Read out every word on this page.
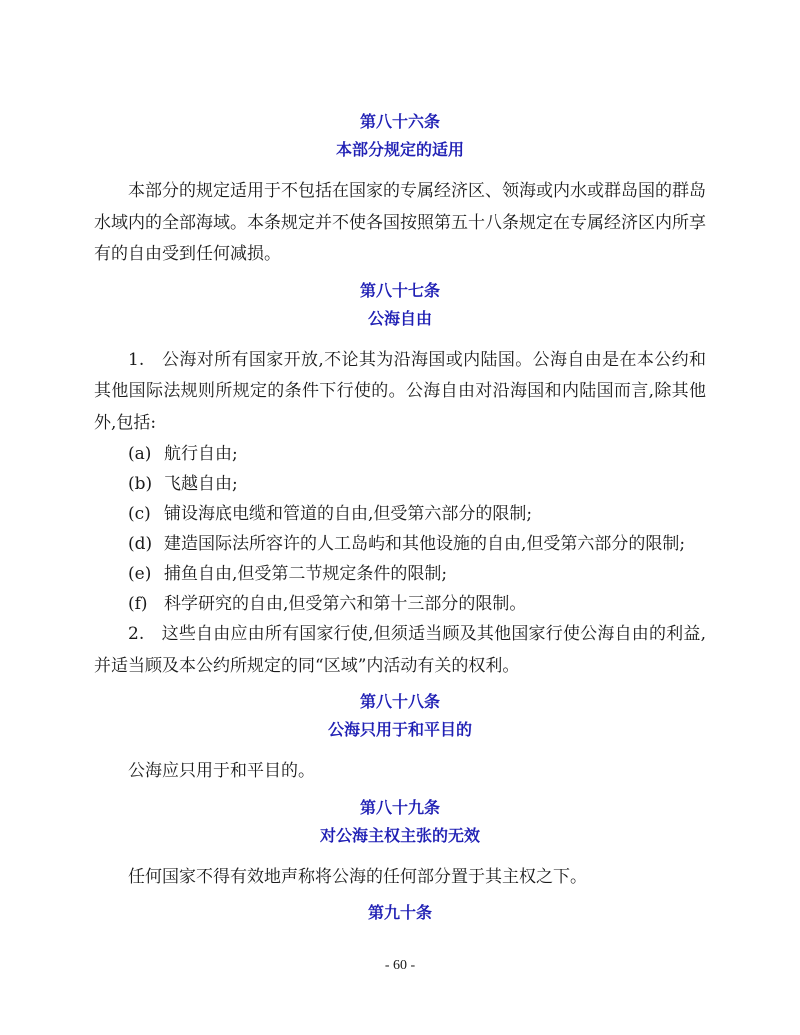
第八十六条
本部分规定的适用

本部分的规定适用于不包括在国家的专属经济区、领海或内水或群岛国的群岛水域内的全部海域。本条规定并不使各国按照第五十八条规定在专属经济区内所享有的自由受到任何减损。

第八十七条
公海自由

1.　公海对所有国家开放,不论其为沿海国或内陆国。公海自由是在本公约和其他国际法规则所规定的条件下行使的。公海自由对沿海国和内陆国而言,除其他外,包括:

(a) 航行自由;
(b) 飞越自由;
(c) 铺设海底电缆和管道的自由,但受第六部分的限制;
(d) 建造国际法所容许的人工岛屿和其他设施的自由,但受第六部分的限制;
(e) 捕鱼自由,但受第二节规定条件的限制;
(f) 科学研究的自由,但受第六和第十三部分的限制。

2.　这些自由应由所有国家行使,但须适当顾及其他国家行使公海自由的利益,并适当顾及本公约所规定的同“区域”内活动有关的权利。

第八十八条
公海只用于和平目的

公海应只用于和平目的。

第八十九条
对公海主权主张的无效

任何国家不得有效地声称将公海的任何部分置于其主权之下。

第九十条
- 60 -
